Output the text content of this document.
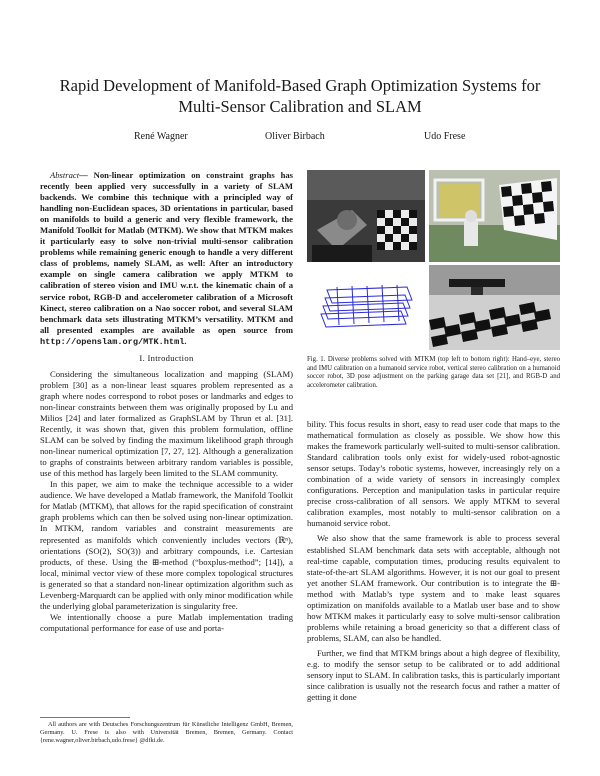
Rapid Development of Manifold-Based Graph Optimization Systems for
Multi-Sensor Calibration and SLAM
René Wagner	Oliver Birbach	Udo Frese

Abstract— Non-linear optimization on constraint graphs has recently been applied very successfully in a variety of SLAM backends. We combine this technique with a principled way of handling non-Euclidean spaces, 3D orientations in particular, based on manifolds to build a generic and very flexible framework, the Manifold Toolkit for Matlab (MTKM). We show that MTKM makes it particularly easy to solve non-trivial multi-sensor calibration problems while remaining generic enough to handle a very different class of problems, namely SLAM, as well: After an introductory example on single camera calibration we apply MTKM to calibration of stereo vision and IMU w.r.t. the kinematic chain of a service robot, RGB-D and accelerometer calibration of a Microsoft Kinect, stereo calibration on a Nao soccer robot, and several SLAM benchmark data sets illustrating MTKM’s versatility. MTKM and all presented examples are available as open source from http://openslam.org/MTK.html.

I. Introduction

Considering the simultaneous localization and mapping (SLAM) problem [30] as a non-linear least squares problem represented as a graph where nodes correspond to robot poses or landmarks and edges to non-linear constraints between them was originally proposed by Lu and Milios [24] and later formalized as GraphSLAM by Thrun et al. [31]. Recently, it was shown that, given this problem formulation, offline SLAM can be solved by finding the maximum likelihood graph through non-linear numerical optimization [7, 27, 12]. Although a generalization to graphs of constraints between arbitrary random variables is possible, use of this method has largely been limited to the SLAM community.

In this paper, we aim to make the technique accessible to a wider audience. We have developed a Matlab framework, the Manifold Toolkit for Matlab (MTKM), that allows for the rapid specification of constraint graph problems which can then be solved using non-linear optimization. In MTKM, random variables and constraint measurements are represented as manifolds which conveniently includes vectors (ℝⁿ), orientations (SO(2), SO(3)) and arbitrary compounds, i.e. Cartesian products, of these. Using the ⊞-method (“boxplus-method”; [14]), a local, minimal vector view of these more complex topological structures is generated so that a standard non-linear optimization algorithm such as Levenberg-Marquardt can be applied with only minor modification while the underlying global parameterization is singularity free.

We intentionally choose a pure Matlab implementation trading computational performance for ease of use and porta-

All authors are with Deutsches Forschungszentrum für Künstliche Intelligenz GmbH, Bremen, Germany. U. Frese is also with Universität Bremen, Bremen, Germany. Contact {rene.wagner,oliver.birbach,udo.frese} @dfki.de.
Fig. 1. Diverse problems solved with MTKM (top left to bottom right): Hand–eye, stereo and IMU calibration on a humanoid service robot, vertical stereo calibration on a humanoid soccer robot, 3D pose adjustment on the parking garage data set [21], and RGB-D and accelerometer calibration.

bility. This focus results in short, easy to read user code that maps to the mathematical formulation as closely as possible. We show how this makes the framework particularly well-suited to multi-sensor calibration. Standard calibration tools only exist for widely-used robot-agnostic sensor setups. Today’s robotic systems, however, increasingly rely on a combination of a wide variety of sensors in increasingly complex configurations. Perception and manipulation tasks in particular require precise cross-calibration of all sensors. We apply MTKM to several calibration examples, most notably to multi-sensor calibration on a humanoid service robot.

We also show that the same framework is able to process several established SLAM benchmark data sets with acceptable, although not real-time capable, computation times, producing results equivalent to state-of-the-art SLAM algorithms. However, it is not our goal to present yet another SLAM framework. Our contribution is to integrate the ⊞-method with Matlab’s type system and to make least squares optimization on manifolds available to a Matlab user base and to show how MTKM makes it particularly easy to solve multi-sensor calibration problems while retaining a broad genericity so that a different class of problems, SLAM, can also be handled.

Further, we find that MTKM brings about a high degree of flexibility, e.g. to modify the sensor setup to be calibrated or to add additional sensory input to SLAM. In calibration tasks, this is particularly important since calibration is usually not the research focus and rather a matter of getting it done
